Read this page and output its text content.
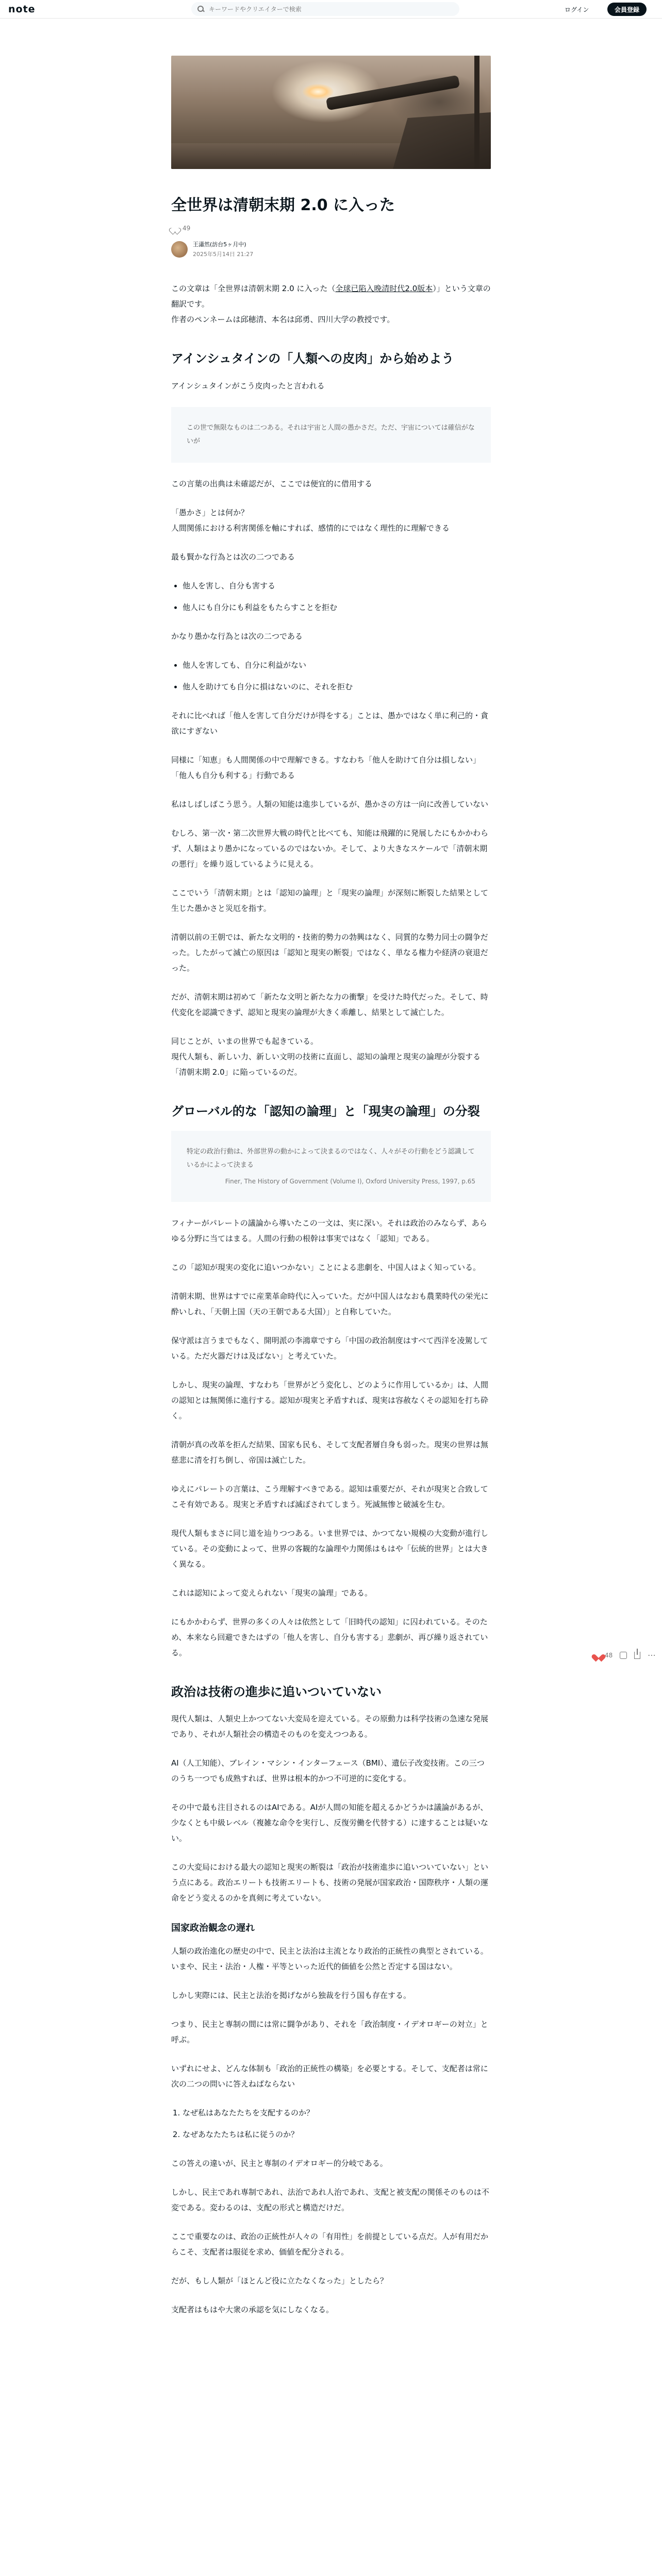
note
キーワードやクリエイターで検索	ログイン	会員登録
全世界は清朝末期 2.0 に入った
49
王瀟然(訪台5ヶ月中)
2025年5月14日 21:27

この文章は「全世界は清朝末期 2.0 に入った（全球已陷入晚清时代2.0版本）」という文章の翻訳です。

作者のペンネームは邱穂清、本名は邱勇、四川大学の教授です。

アインシュタインの「人類への皮肉」から始めよう

アインシュタインがこう皮肉ったと言われる

この世で無限なものは二つある。それは宇宙と人間の愚かさだ。ただ、宇宙については確信がないが

この言葉の出典は未確認だが、ここでは便宜的に借用する

「愚かさ」とは何か？

人間関係における利害関係を軸にすれば、感情的にではなく理性的に理解できる

最も賢かな行為とは次の二つである

• 他人を害し、自分も害する
• 他人にも自分にも利益をもたらすことを拒む

かなり愚かな行為とは次の二つである

• 他人を害しても、自分に利益がない
• 他人を助けても自分に損はないのに、それを拒む

それに比べれば「他人を害して自分だけが得をする」ことは、愚かではなく単に利己的・貪欲にすぎない

同様に「知恵」も人間関係の中で理解できる。すなわち「他人を助けて自分は損しない」「他人も自分も利する」行動である

私はしばしばこう思う。人類の知能は進歩しているが、愚かさの方は一向に改善していない

むしろ、第一次・第二次世界大戦の時代と比べても、知能は飛躍的に発展したにもかかわらず、人類はより愚かになっているのではないか。そして、より大きなスケールで「清朝末期の悪行」を繰り返しているように見える。

ここでいう「清朝末期」とは「認知の論理」と「現実の論理」が深刻に断裂した結果として生じた愚かさと災厄を指す。

清朝以前の王朝では、新たな文明的・技術的勢力の勃興はなく、同質的な勢力同士の闘争だった。したがって滅亡の原因は「認知と現実の断裂」ではなく、単なる権力や経済の衰退だった。

だが、清朝末期は初めて「新たな文明と新たな力の衝撃」を受けた時代だった。そして、時代変化を認識できず、認知と現実の論理が大きく乖離し、結果として滅亡した。

同じことが、いまの世界でも起きている。

現代人類も、新しい力、新しい文明の技術に直面し、認知の論理と現実の論理が分裂する「清朝末期 2.0」に陥っているのだ。

グローバル的な「認知の論理」と「現実の論理」の分裂
特定の政治行動は、外部世界の動かによって決まるのではなく、人々がその行動をどう認識しているかによって決まる
Finer, The History of Government (Volume I), Oxford University Press, 1997, p.65

フィナーがパレートの議論から導いたこの一文は、実に深い。それは政治のみならず、あらゆる分野に当てはまる。人間の行動の根幹は事実ではなく「認知」である。

この「認知が現実の変化に追いつかない」ことによる悲劇を、中国人はよく知っている。

清朝末期、世界はすでに産業革命時代に入っていた。だが中国人はなおも農業時代の栄光に酔いしれ、「天朝上国（天の王朝である大国）」と自称していた。

保守派は言うまでもなく、開明派の李鴻章ですら「中国の政治制度はすべて西洋を凌駕している。ただ火器だけは及ばない」と考えていた。

しかし、現実の論理、すなわち「世界がどう変化し、どのように作用しているか」は、人間の認知とは無関係に進行する。認知が現実と矛盾すれば、現実は容赦なくその認知を打ち砕く。

清朝が真の改革を拒んだ結果、国家も民も、そして支配者層自身も弱った。現実の世界は無慈悲に清を打ち倒し、帝国は滅亡した。

ゆえにパレートの言葉は、こう理解すべきである。認知は重要だが、それが現実と合致してこそ有効である。現実と矛盾すれば滅ぼされてしまう。死滅無惨と破滅を生む。

現代人類もまさに同じ道を辿りつつある。いま世界では、かつてない規模の大変動が進行している。その変動によって、世界の客観的な論理や力関係はもはや「伝統的世界」とは大きく異なる。

これは認知によって変えられない「現実の論理」である。

にもかかわらず、世界の多くの人々は依然として「旧時代の認知」に囚われている。そのため、本来なら回避できたはずの「他人を害し、自分も害する」悲劇が、再び繰り返されている。

政治は技術の進歩に追いついていない

現代人類は、人類史上かつてない大変局を迎えている。その原動力は科学技術の急速な発展であり、それが人類社会の構造そのものを変えつつある。

AI（人工知能）、ブレイン・マシン・インターフェース（BMI）、遺伝子改変技術。この三つのうち一つでも成熟すれば、世界は根本的かつ不可逆的に変化する。

その中で最も注目されるのはAIである。AIが人間の知能を超えるかどうかは議論があるが、少なくとも中級レベル（複雑な命令を実行し、反復労働を代替する）に達することは疑いない。

この大変局における最大の認知と現実の断裂は「政治が技術進歩に追いついていない」という点にある。政治エリートも技術エリートも、技術の発展が国家政治・国際秩序・人類の運命をどう変えるのかを真剣に考えていない。

国家政治観念の遅れ

人類の政治進化の歴史の中で、民主と法治は主流となり政治的正統性の典型とされている。いまや、民主・法治・人権・平等といった近代的価値を公然と否定する国はない。

しかし実際には、民主と法治を掲げながら独裁を行う国も存在する。

つまり、民主と専制の間には常に闘争があり、それを「政治制度・イデオロギーの対立」と呼ぶ。

いずれにせよ、どんな体制も「政治的正統性の構築」を必要とする。そして、支配者は常に次の二つの問いに答えねばならない

1. なぜ私はあなたたちを支配するのか？
2. なぜあなたたちは私に従うのか？

この答えの違いが、民主と専制のイデオロギー的分岐である。

しかし、民主であれ専制であれ、法治であれ人治であれ、支配と被支配の関係そのものは不変である。変わるのは、支配の形式と構造だけだ。

ここで重要なのは、政治の正統性が人々の「有用性」を前提としている点だ。人が有用だからこそ、支配者は服従を求め、価値を配分される。

だが、もし人類が「ほとんど役に立たなくなった」としたら？

支配者はもはや大衆の承認を気にしなくなる。

48	⋯
